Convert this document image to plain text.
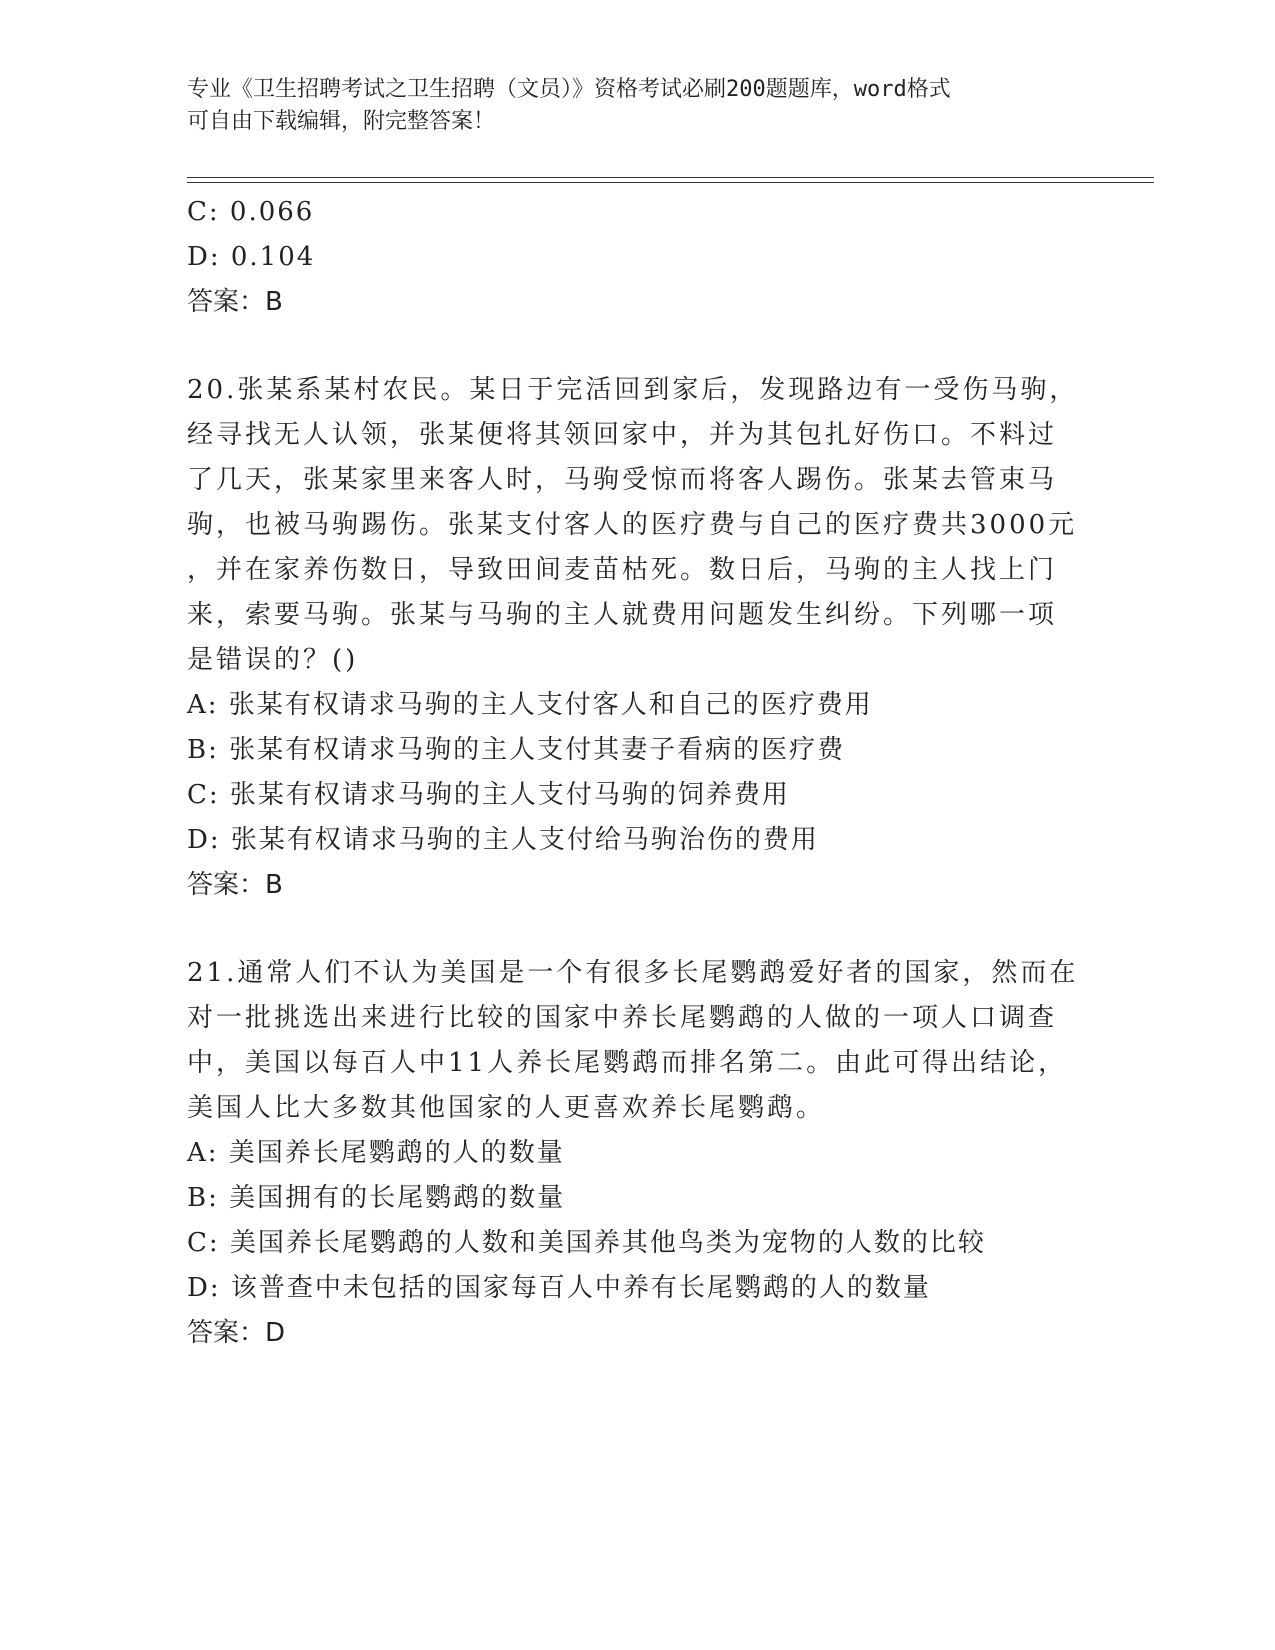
专业《卫生招聘考试之卫生招聘（文员）》资格考试必刷200题题库，word格式
可自由下载编辑，附完整答案！
C: 0.066
D: 0.104
答案：B
20.张某系某村农民。某日于完活回到家后，发现路边有一受伤马驹，
经寻找无人认领，张某便将其领回家中，并为其包扎好伤口。不料过
了几天，张某家里来客人时，马驹受惊而将客人踢伤。张某去管束马
驹，也被马驹踢伤。张某支付客人的医疗费与自己的医疗费共3000元
，并在家养伤数日，导致田间麦苗枯死。数日后，马驹的主人找上门
来，索要马驹。张某与马驹的主人就费用问题发生纠纷。下列哪一项
是错误的？()
A: 张某有权请求马驹的主人支付客人和自己的医疗费用
B: 张某有权请求马驹的主人支付其妻子看病的医疗费
C: 张某有权请求马驹的主人支付马驹的饲养费用
D: 张某有权请求马驹的主人支付给马驹治伤的费用
答案：B
21.通常人们不认为美国是一个有很多长尾鹦鹉爱好者的国家，然而在
对一批挑选出来进行比较的国家中养长尾鹦鹉的人做的一项人口调查
中，美国以每百人中11人养长尾鹦鹉而排名第二。由此可得出结论，
美国人比大多数其他国家的人更喜欢养长尾鹦鹉。
A: 美国养长尾鹦鹉的人的数量
B: 美国拥有的长尾鹦鹉的数量
C: 美国养长尾鹦鹉的人数和美国养其他鸟类为宠物的人数的比较
D: 该普查中未包括的国家每百人中养有长尾鹦鹉的人的数量
答案：D
